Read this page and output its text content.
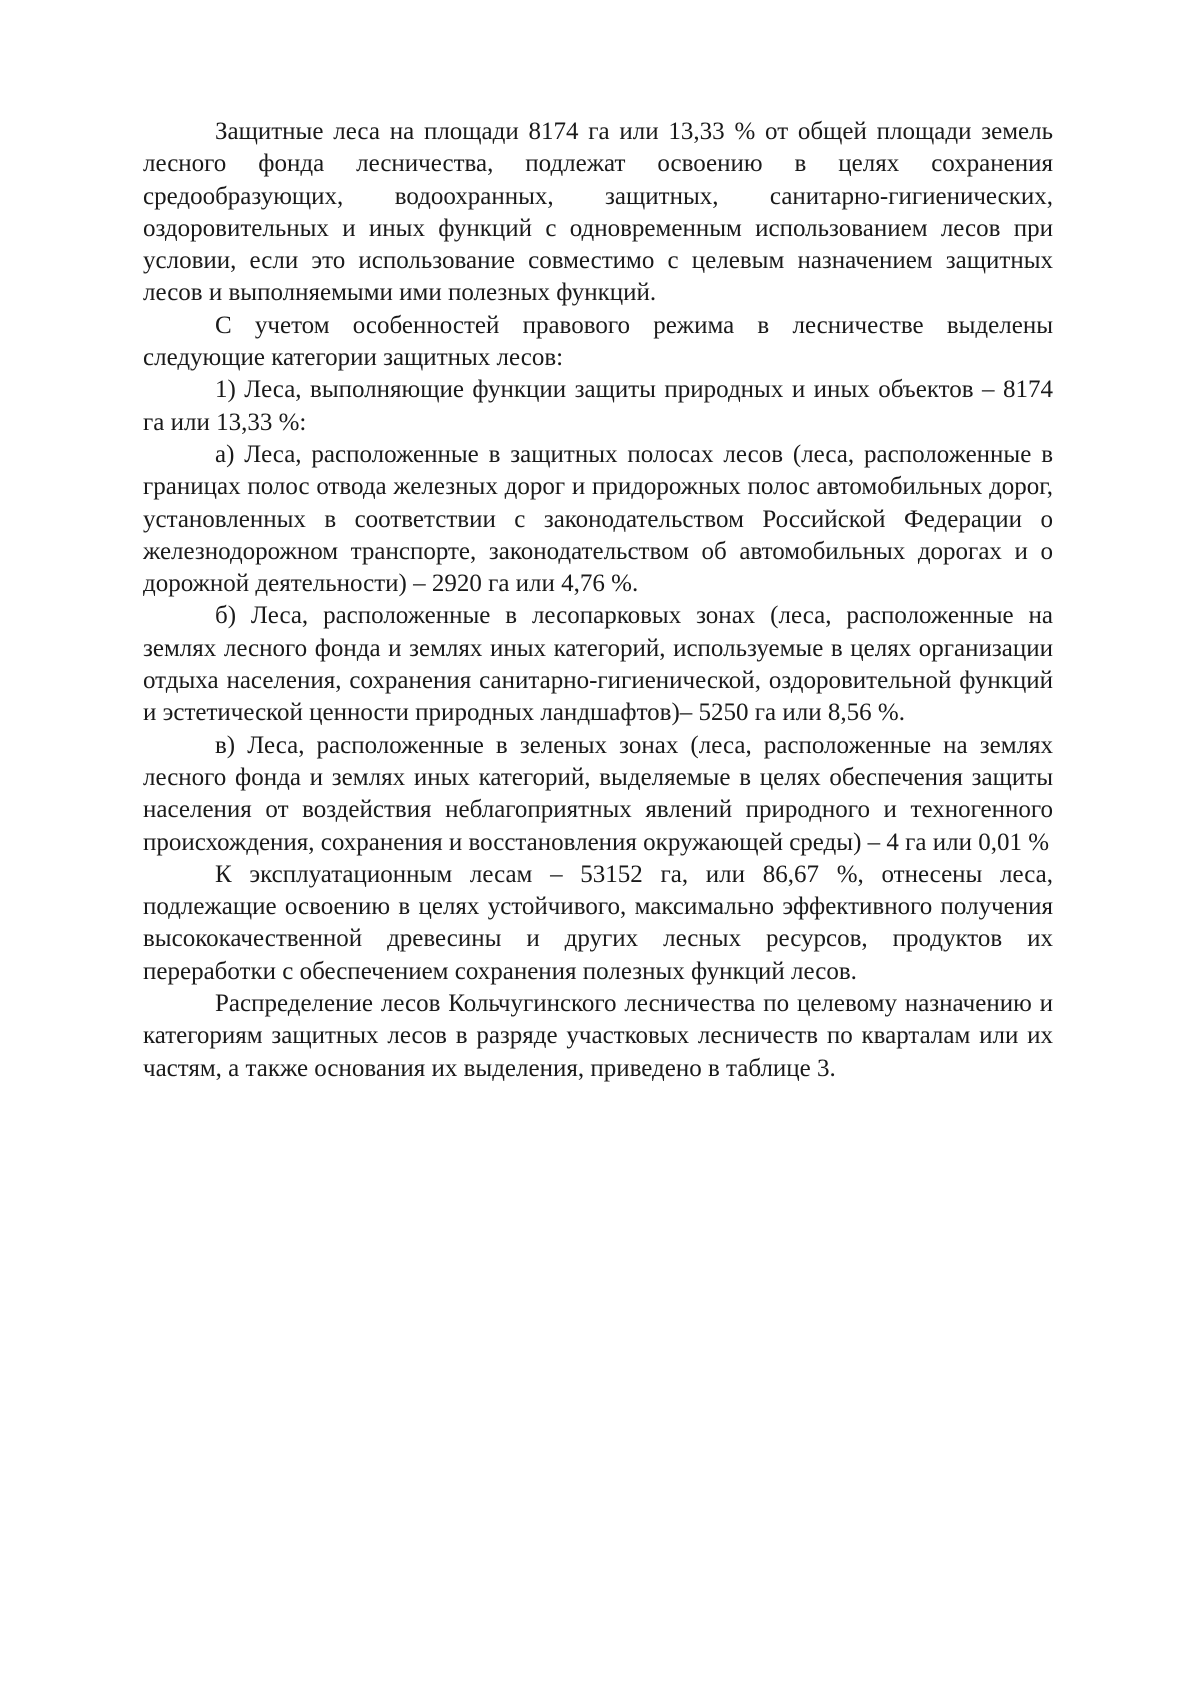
Защитные леса на площади 8174 га или 13,33 % от общей площади земель лесного фонда лесничества, подлежат освоению в целях сохранения средообразующих, водоохранных, защитных, санитарно-гигиенических, оздоровительных и иных функций с одновременным использованием лесов при условии, если это использование совместимо с целевым назначением защитных лесов и выполняемыми ими полезных функций.

С учетом особенностей правового режима в лесничестве выделены следующие категории защитных лесов:

1) Леса, выполняющие функции защиты природных и иных объектов – 8174 га или 13,33 %:

а) Леса, расположенные в защитных полосах лесов (леса, расположенные в границах полос отвода железных дорог и придорожных полос автомобильных дорог, установленных в соответствии с законодательством Российской Федерации о железнодорожном транспорте, законодательством об автомобильных дорогах и о дорожной деятельности) – 2920 га или 4,76 %.

б) Леса, расположенные в лесопарковых зонах (леса, расположенные на землях лесного фонда и землях иных категорий, используемые в целях организации отдыха населения, сохранения санитарно-гигиенической, оздоровительной функций и эстетической ценности природных ландшафтов)– 5250 га или 8,56 %.

в) Леса, расположенные в зеленых зонах (леса, расположенные на землях лесного фонда и землях иных категорий, выделяемые в целях обеспечения защиты населения от воздействия неблагоприятных явлений природного и техногенного происхождения, сохранения и восстановления окружающей среды) – 4 га или 0,01 %

К эксплуатационным лесам – 53152 га, или 86,67 %, отнесены леса, подлежащие освоению в целях устойчивого, максимально эффективного получения высококачественной древесины и других лесных ресурсов, продуктов их переработки с обеспечением сохранения полезных функций лесов.

Распределение лесов Кольчугинского лесничества по целевому назначению и категориям защитных лесов в разряде участковых лесничеств по кварталам или их частям, а также основания их выделения, приведено в таблице 3.
